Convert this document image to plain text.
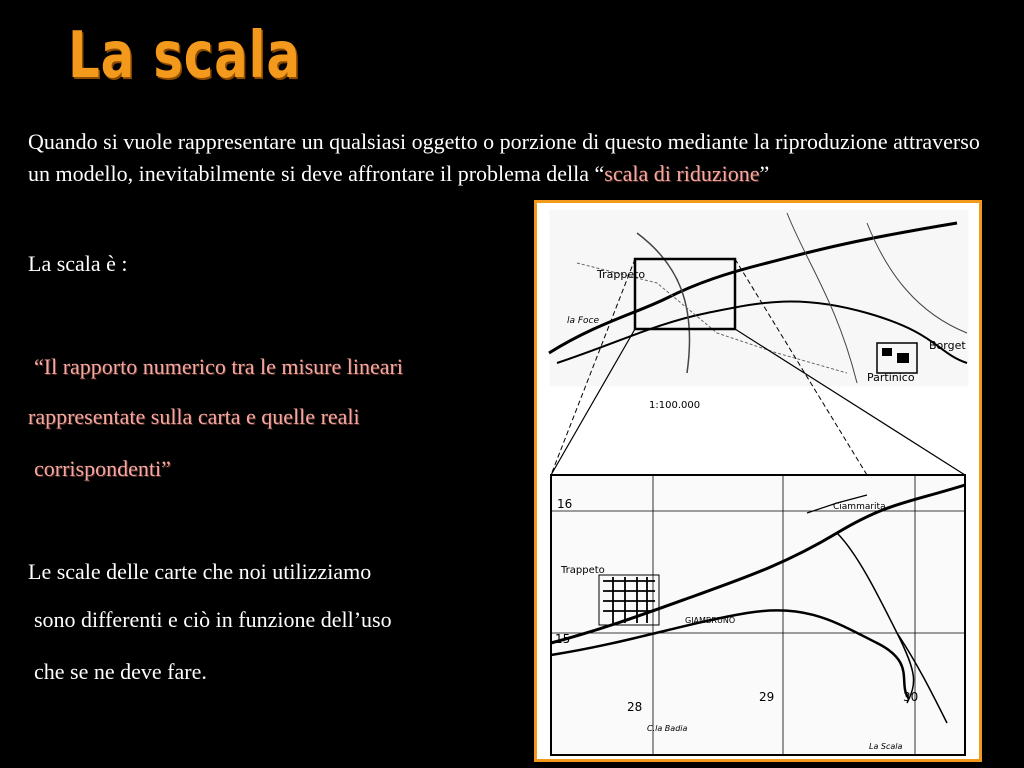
La scala
Quando si vuole rappresentare un qualsiasi oggetto o porzione di questo mediante la riproduzione attraverso un modello, inevitabilmente si deve affrontare il problema della “scala di riduzione”
La scala è :
“Il rapporto numerico tra le misure lineari
rappresentate sulla carta e quelle reali
corrispondenti”
Le scale delle carte che noi utilizziamo
sono differenti e ciò in funzione dell’uso
che se ne deve fare.
Trappeto
Partinico
Borget
la Foce
1:100.000
16
15
28
29	30
Trappeto
Ciammarita
GIAMBRUNO
La Scala
C.la Badia
